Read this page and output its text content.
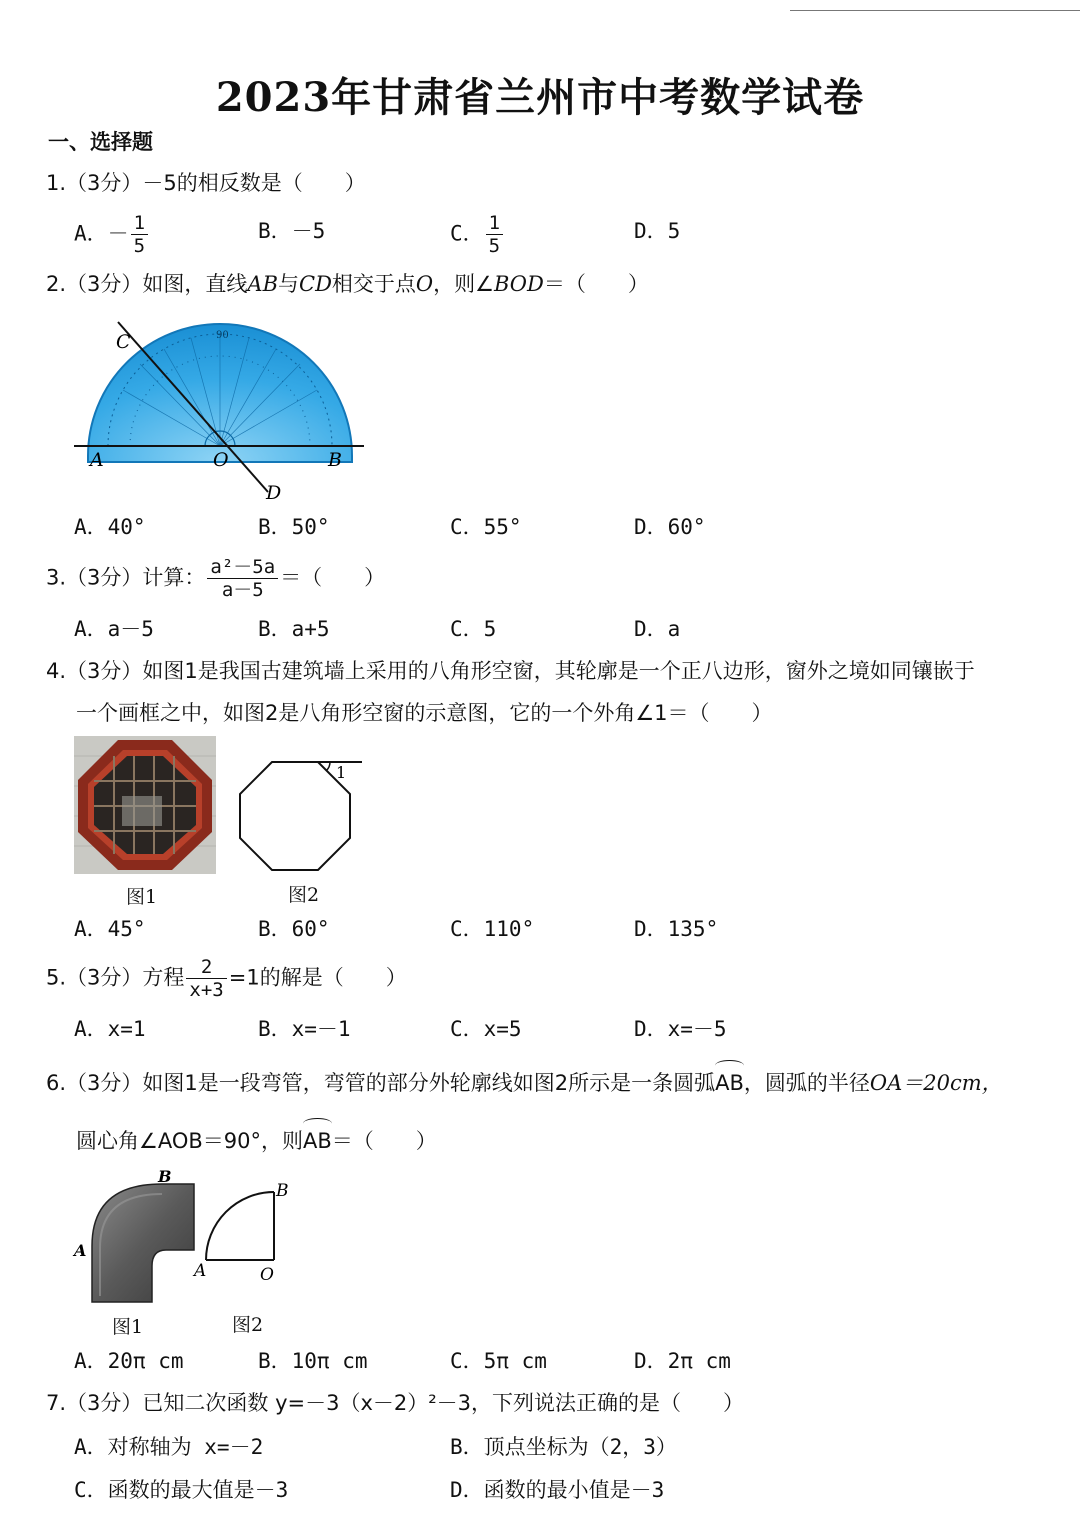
2023年甘肃省兰州市中考数学试卷
一、选择题
1.（3分）－5的相反数是（　　）
A．－ $\frac{1}{5}$	B．－5	C． $\frac{1}{5}$	D．5
2.（3分）如图，直线AB与CD相交于点O，则∠BOD＝（　　）
90
C
A	O	B
D
A．40°	B．50°	C．55°	D．60°
3.（3分）计算： $\frac{\text{a²－5a}}{a-5}$ ＝（　　）
A．a－5	B．a+5	C．5	D．a
4.（3分）如图1是我国古建筑墙上采用的八角形空窗，其轮廓是一个正八边形，窗外之境如同镶嵌于
一个画框之中，如图2是八角形空窗的示意图，它的一个外角∠1＝（　　）
1
图1	图2
A．45°	B．60°	C．110°	D．135°
5.（3分）方程 $\frac{2}{x+3} =1$的解是（　　）
A．x=1	B．x=－1	C．x=5	D．x=－5
6.（3分）如图1是一段弯管，弯管的部分外轮廓线如图2所示是一条圆弧
AB，圆弧的半径OA＝20cm，
圆心角∠AOB＝90°，则
AB＝（　　）
B
A
B
A	O
图1	图2
A．20π cm	B．10π cm	C．5π cm	D．2π cm
7.（3分）已知二次函数 y=－3（x－2）²－3，下列说法正确的是（　　）
A．对称轴为 x=－2	B．顶点坐标为（2，3）
C．函数的最大值是－3	D．函数的最小值是－3
